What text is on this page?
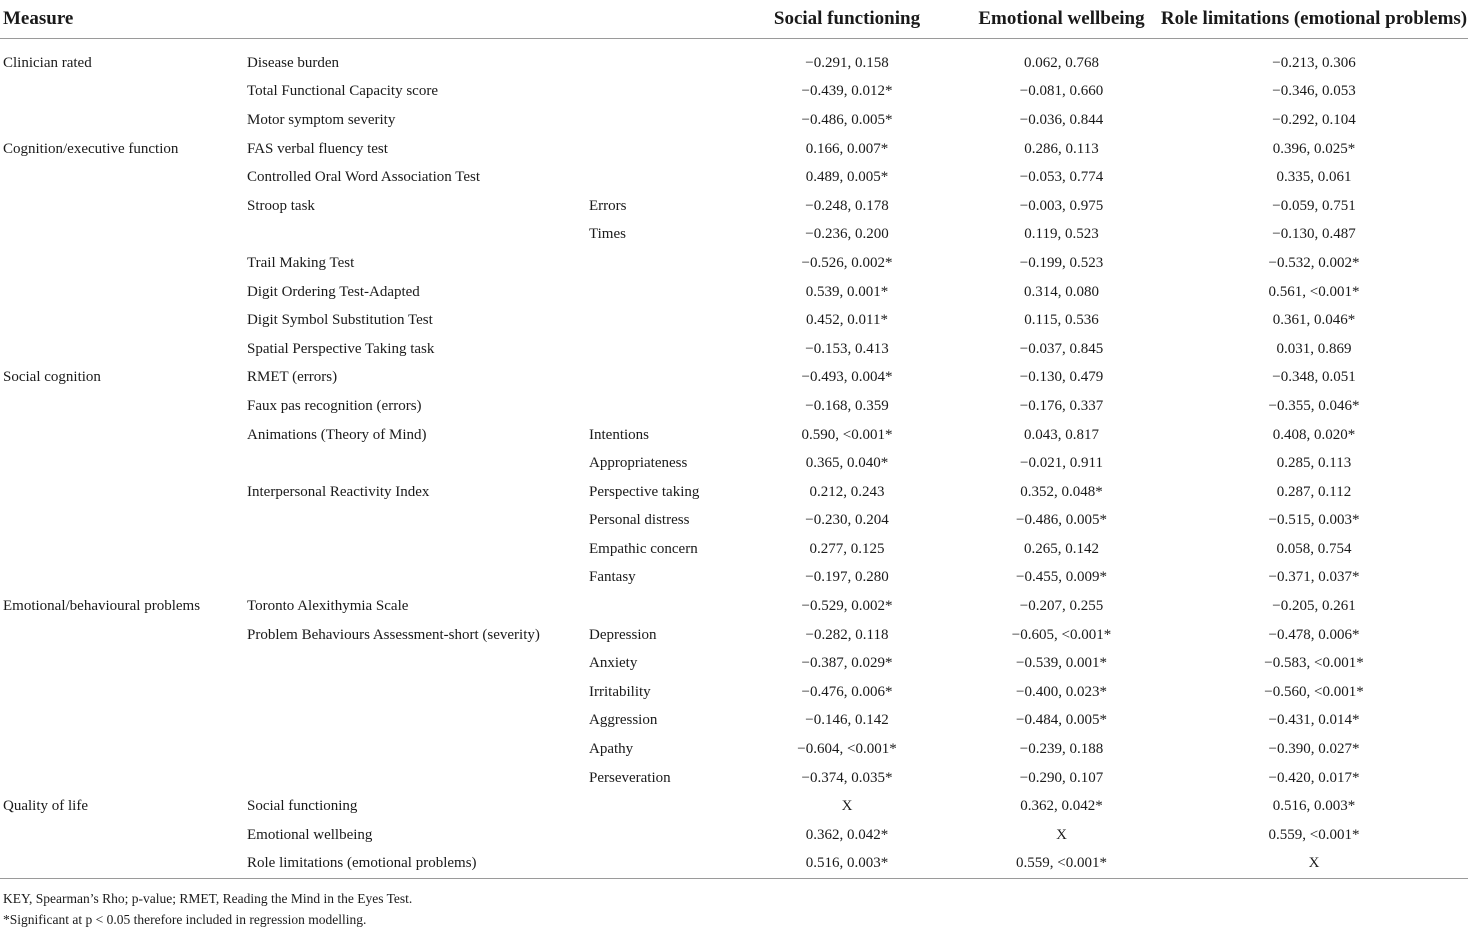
Measure			Social functioning	Emotional wellbeing	Role limitations (emotional problems)
Clinician rated	Disease burden		−0.291, 0.158	0.062, 0.768	−0.213, 0.306
	Total Functional Capacity score		−0.439, 0.012*	−0.081, 0.660	−0.346, 0.053
	Motor symptom severity		−0.486, 0.005*	−0.036, 0.844	−0.292, 0.104
Cognition/executive function	FAS verbal fluency test		0.166, 0.007*	0.286, 0.113	0.396, 0.025*
	Controlled Oral Word Association Test		0.489, 0.005*	−0.053, 0.774	0.335, 0.061
	Stroop task	Errors	−0.248, 0.178	−0.003, 0.975	−0.059, 0.751
		Times	−0.236, 0.200	0.119, 0.523	−0.130, 0.487
	Trail Making Test		−0.526, 0.002*	−0.199, 0.523	−0.532, 0.002*
	Digit Ordering Test-Adapted		0.539, 0.001*	0.314, 0.080	0.561, <0.001*
	Digit Symbol Substitution Test		0.452, 0.011*	0.115, 0.536	0.361, 0.046*
	Spatial Perspective Taking task		−0.153, 0.413	−0.037, 0.845	0.031, 0.869
Social cognition	RMET (errors)		−0.493, 0.004*	−0.130, 0.479	−0.348, 0.051
	Faux pas recognition (errors)		−0.168, 0.359	−0.176, 0.337	−0.355, 0.046*
	Animations (Theory of Mind)	Intentions	0.590, <0.001*	0.043, 0.817	0.408, 0.020*
		Appropriateness	0.365, 0.040*	−0.021, 0.911	0.285, 0.113
	Interpersonal Reactivity Index	Perspective taking	0.212, 0.243	0.352, 0.048*	0.287, 0.112
		Personal distress	−0.230, 0.204	−0.486, 0.005*	−0.515, 0.003*
		Empathic concern	0.277, 0.125	0.265, 0.142	0.058, 0.754
		Fantasy	−0.197, 0.280	−0.455, 0.009*	−0.371, 0.037*
Emotional/behavioural problems	Toronto Alexithymia Scale		−0.529, 0.002*	−0.207, 0.255	−0.205, 0.261
	Problem Behaviours Assessment-short (severity)	Depression	−0.282, 0.118	−0.605, <0.001*	−0.478, 0.006*
		Anxiety	−0.387, 0.029*	−0.539, 0.001*	−0.583, <0.001*
		Irritability	−0.476, 0.006*	−0.400, 0.023*	−0.560, <0.001*
		Aggression	−0.146, 0.142	−0.484, 0.005*	−0.431, 0.014*
		Apathy	−0.604, <0.001*	−0.239, 0.188	−0.390, 0.027*
		Perseveration	−0.374, 0.035*	−0.290, 0.107	−0.420, 0.017*
Quality of life	Social functioning		X	0.362, 0.042*	0.516, 0.003*
	Emotional wellbeing		0.362, 0.042*	X	0.559, <0.001*
	Role limitations (emotional problems)		0.516, 0.003*	0.559, <0.001*	X
KEY, Spearman’s Rho; p-value; RMET, Reading the Mind in the Eyes Test.
*Significant at p < 0.05 therefore included in regression modelling.
